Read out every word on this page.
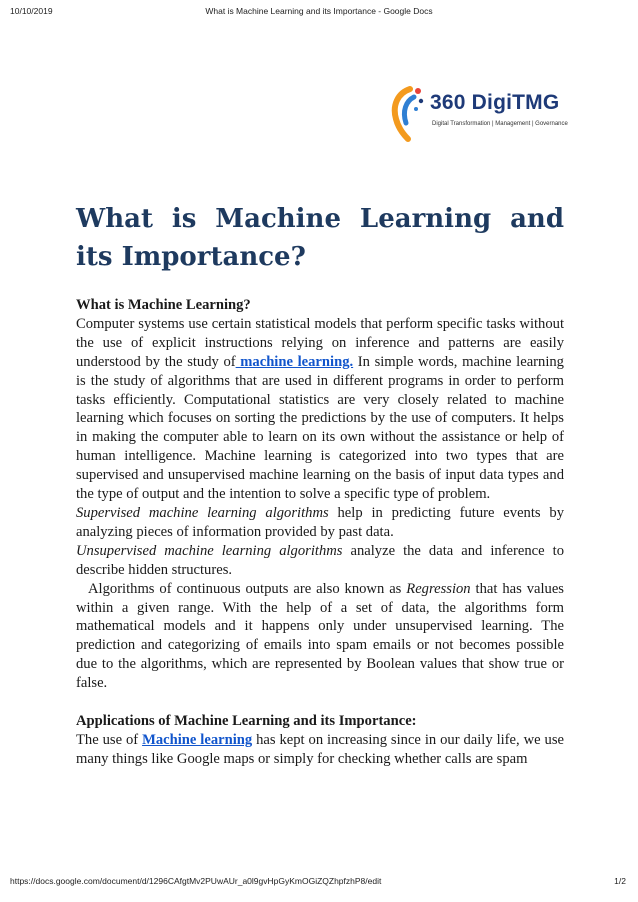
10/10/2019	What is Machine Learning and its Importance - Google Docs
360 DigiTMG
Digital Transformation | Management | Governance
What is Machine Learning and its Importance?
What is Machine Learning?

Computer systems use certain statistical models that perform specific tasks without the use of explicit instructions relying on inference and patterns are easily understood by the study of machine learning. In simple words, machine learning is the study of algorithms that are used in different programs in order to perform tasks efficiently. Computational statistics are very closely related to machine learning which focuses on sorting the predictions by the use of computers. It helps in making the computer able to learn on its own without the assistance or help of human intelligence. Machine learning is categorized into two types that are supervised and unsupervised machine learning on the basis of input data types and the type of output and the intention to solve a specific type of problem.

Supervised machine learning algorithms help in predicting future events by analyzing pieces of information provided by past data.

Unsupervised machine learning algorithms analyze the data and inference to describe hidden structures.

Algorithms of continuous outputs are also known as Regression that has values within a given range. With the help of a set of data, the algorithms form mathematical models and it happens only under unsupervised learning. The prediction and categorizing of emails into spam emails or not becomes possible due to the algorithms, which are represented by Boolean values that show true or false.

Applications of Machine Learning and its Importance:

The use of Machine learning has kept on increasing since in our daily life, we use many things like Google maps or simply for checking whether calls are spam

https://docs.google.com/document/d/1296CAfgtMv2PUwAUr_a0l9gvHpGyKmOGiZQZhpfzhP8/edit	1/2
